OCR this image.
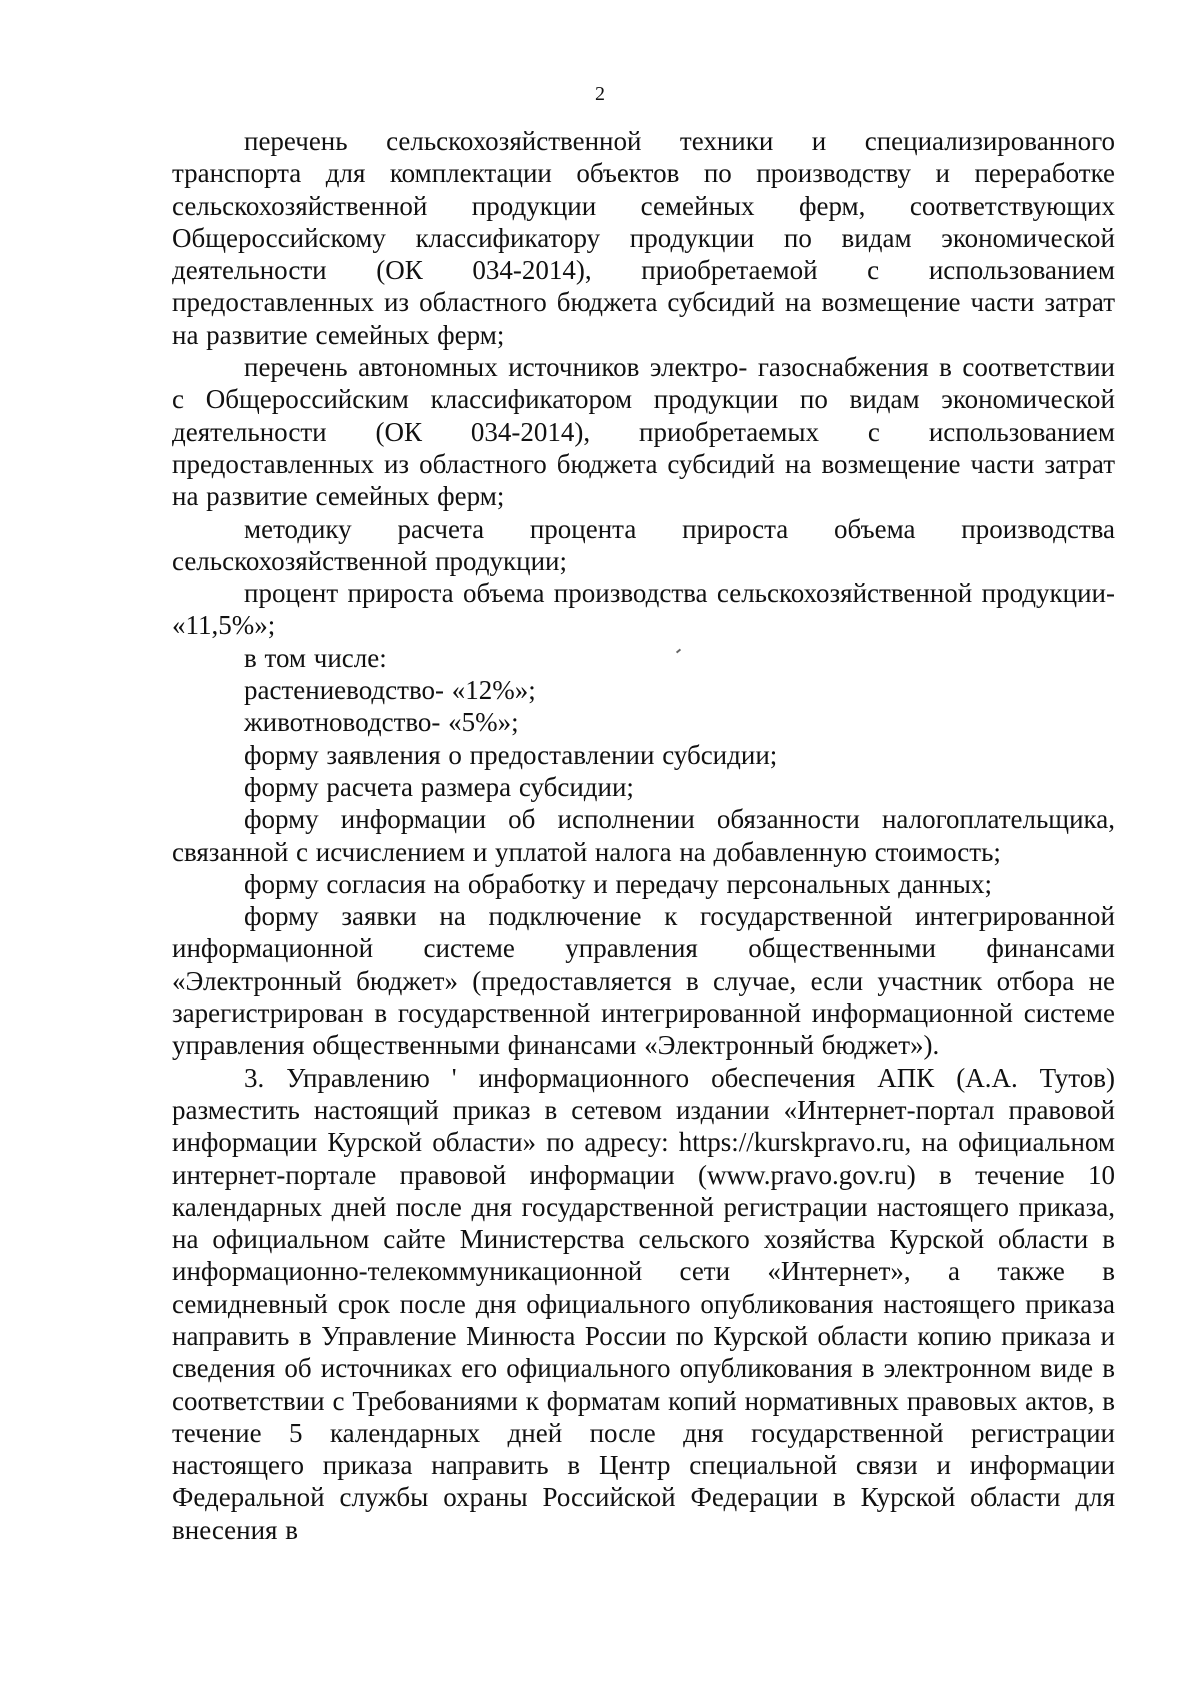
2

перечень сельскохозяйственной техники и специализированного транспорта для комплектации объектов по производству и переработке сельскохозяйственной продукции семейных ферм, соответствующих Общероссийскому классификатору продукции по видам экономической деятельности (ОК 034-2014), приобретаемой с использованием предоставленных из областного бюджета субсидий на возмещение части затрат на развитие семейных ферм;

перечень автономных источников электро- газоснабжения в соответствии с Общероссийским классификатором продукции по видам экономической деятельности (ОК 034-2014), приобретаемых с использованием предоставленных из областного бюджета субсидий на возмещение части затрат на развитие семейных ферм;

методику расчета процента прироста объема производства сельскохозяйственной продукции;

процент прироста объема производства сельскохозяйственной продукции- «11,5%»;

в том числе:

растениеводство- «12%»;

животноводство- «5%»;

форму заявления о предоставлении субсидии;

форму расчета размера субсидии;

форму информации об исполнении обязанности налогоплательщика, связанной с исчислением и уплатой налога на добавленную стоимость;

форму согласия на обработку и передачу персональных данных;

форму заявки на подключение к государственной интегрированной информационной системе управления общественными финансами «Электронный бюджет» (предоставляется в случае, если участник отбора не зарегистрирован в государственной интегрированной информационной системе управления общественными финансами «Электронный бюджет»).

3. Управлению ' информационного обеспечения АПК (А.А. Тутов) разместить настоящий приказ в сетевом издании «Интернет-портал правовой информации Курской области» по адресу: https://kurskpravo.ru, на официальном интернет-портале правовой информации (www.pravo.gov.ru) в течение 10 календарных дней после дня государственной регистрации настоящего приказа, на официальном сайте Министерства сельского хозяйства Курской области в информационно-телекоммуникационной сети «Интернет», а также в семидневный срок после дня официального опубликования настоящего приказа направить в Управление Минюста России по Курской области копию приказа и сведения об источниках его официального опубликования в электронном виде в соответствии с Требованиями к форматам копий нормативных правовых актов, в течение 5 календарных дней после дня государственной регистрации настоящего приказа направить в Центр специальной связи и информации Федеральной службы охраны Российской Федерации в Курской области для внесения в
